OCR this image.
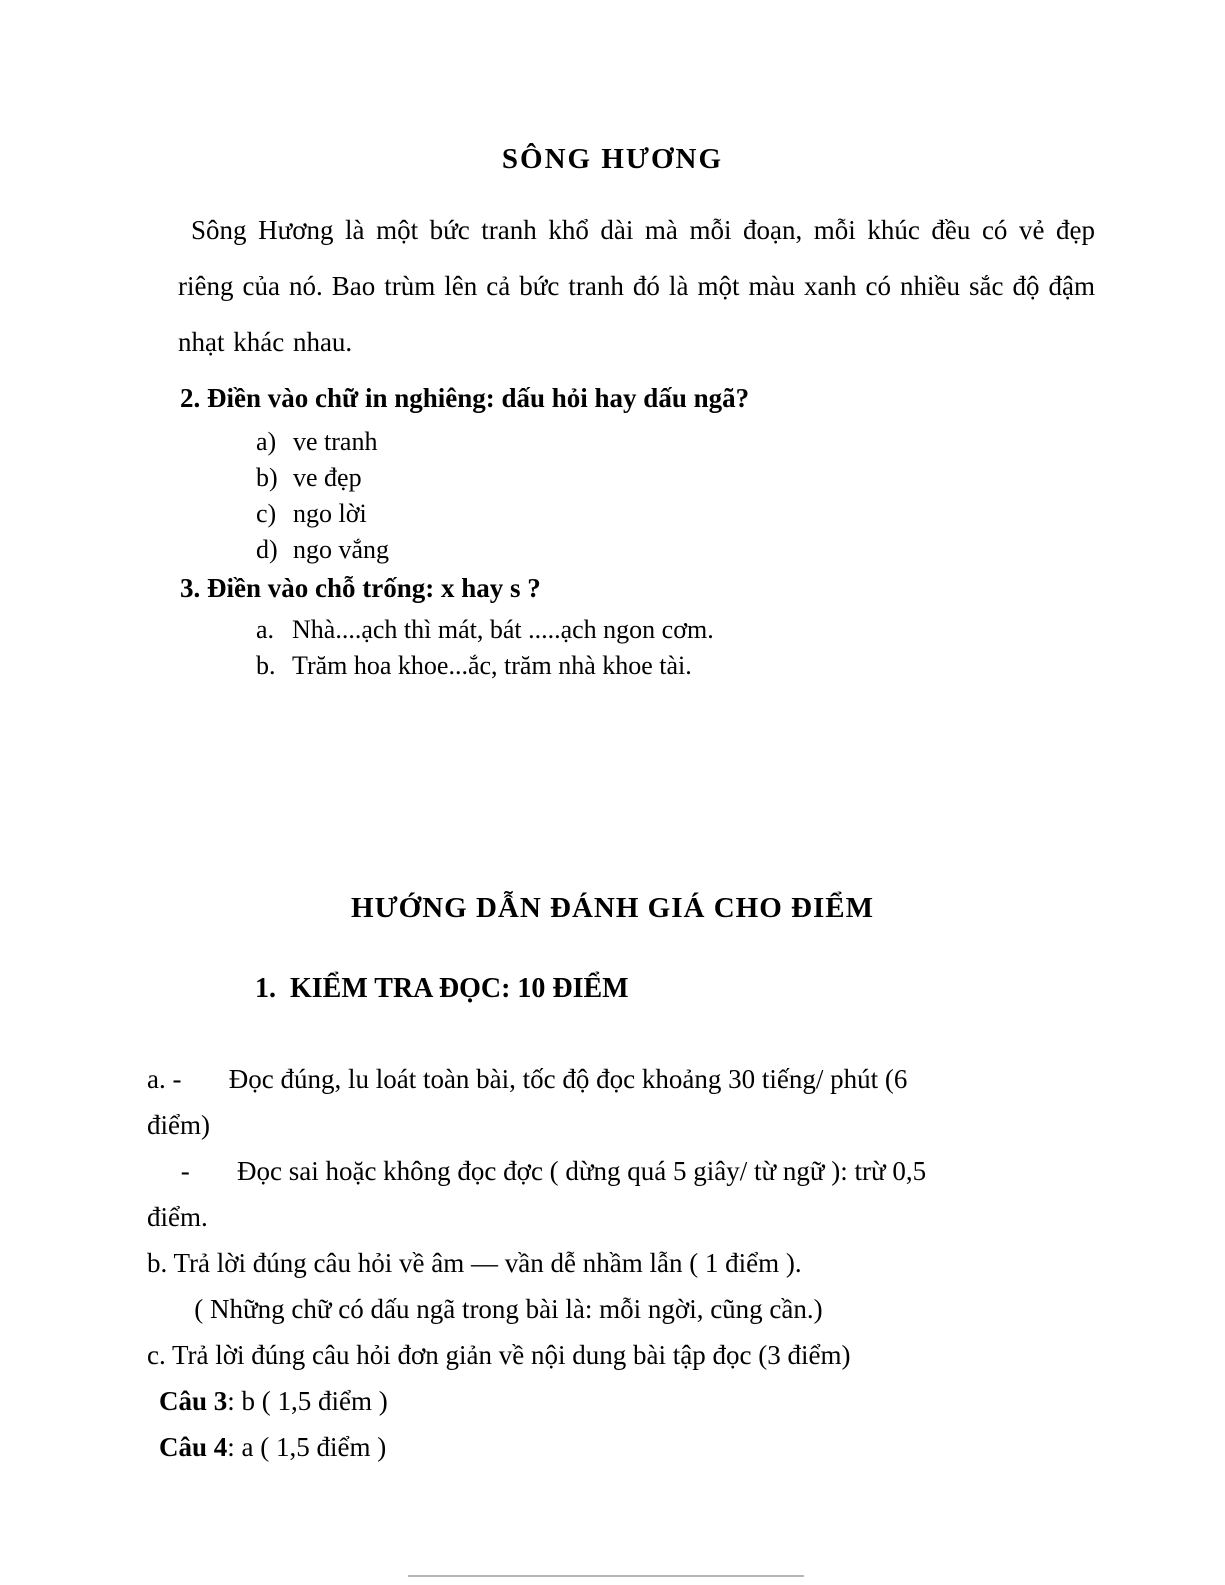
SÔNG HƯƠNG

Sông Hương là một bức tranh khổ dài mà mỗi đoạn, mỗi khúc đều có vẻ đẹp riêng của nó. Bao trùm lên cả bức tranh đó là một màu xanh có nhiều sắc độ đậm nhạt khác nhau.

2. Điền vào chữ in nghiêng: dấu hỏi hay dấu ngã?
a) ve tranh
b) ve đẹp
c) ngo lời
d) ngo vắng
3. Điền vào chỗ trống: x hay s ?
a. Nhà....ạch thì mát, bát .....ạch ngon cơm.
b. Trăm hoa khoe...ắc, trăm nhà khoe tài.
HƯỚNG DẪN ĐÁNH GIÁ CHO ĐIỂM
1.  KIỂM TRA ĐỌC: 10 ĐIỂM
a. -       Đọc đúng, lu loát toàn bài, tốc độ đọc khoảng 30 tiếng/ phút (6
điểm)
-       Đọc sai hoặc không đọc đợc ( dừng quá 5 giây/ từ ngữ ): trừ 0,5
điểm.
b. Trả lời đúng câu hỏi về âm — vần dễ nhầm lẫn ( 1 điểm ).
( Những chữ có dấu ngã trong bài là: mỗi ngời, cũng cần.)
c. Trả lời đúng câu hỏi đơn giản về nội dung bài tập đọc (3 điểm)
Câu 3: b ( 1,5 điểm )
Câu 4: a ( 1,5 điểm )
